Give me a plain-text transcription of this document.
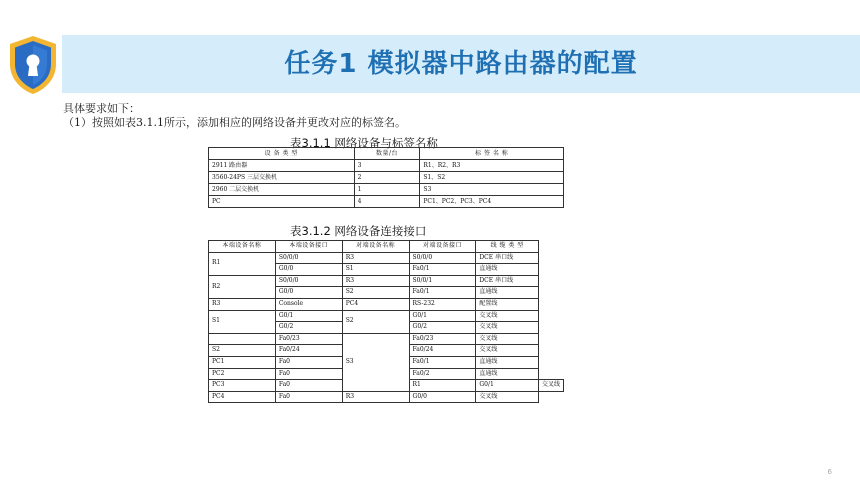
任务1 模拟器中路由器的配置
具体要求如下：
（1）按照如表3.1.1所示，添加相应的网络设备并更改对应的标签名。
表3.1.1 网络设备与标签名称
设 备 类 型	数量/台	标 签 名 称
2911 路由器	3	R1、R2、R3
3560-24PS 三层交换机	2	S1、S2
2960 二层交换机	1	S3
PC	4	PC1、PC2、PC3、PC4
表3.1.2 网络设备连接接口
本端设备名称	本端设备接口	对端设备名称	对端设备接口	线 缆 类 型	
R1	S0/0/0	R3	S0/0/0	DCE 串口线	
	G0/0	S1	Fa0/1	直通线	
R2	S0/0/0	R3	S0/0/1	DCE 串口线	
	G0/0	S2	Fa0/1	直通线	
R3	Console	PC4	RS-232	配置线	
S1	G0/1	S2	G0/1	交叉线	
	G0/2		G0/2	交叉线	
	Fa0/23	S3	Fa0/23	交叉线	
S2	Fa0/24		Fa0/24	交叉线	
PC1	Fa0		Fa0/1	直通线	
PC2	Fa0		Fa0/2	直通线	
PC3	Fa0		R1	G0/1	交叉线
PC4	Fa0	R3	G0/0	交叉线	
6
